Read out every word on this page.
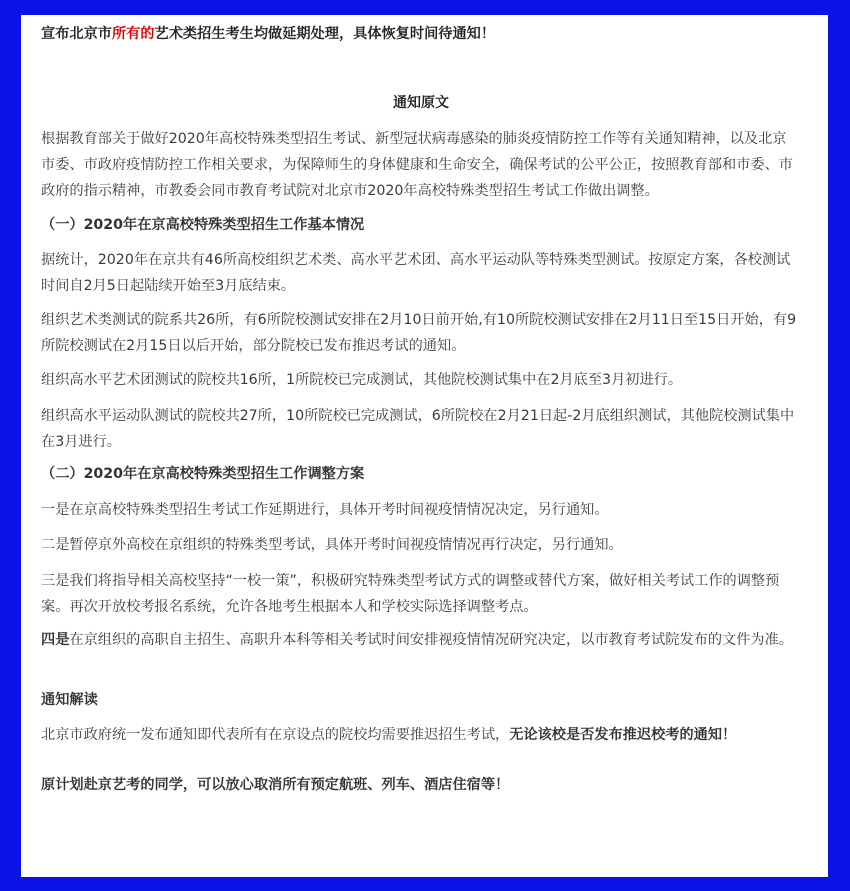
宣布北京市所有的艺术类招生考生均做延期处理，具体恢复时间待通知！
通知原文

根据教育部关于做好2020年高校特殊类型招生考试、新型冠状病毒感染的肺炎疫情防控工作等有关通知精神，以及北京市委、市政府疫情防控工作相关要求，为保障师生的身体健康和生命安全，确保考试的公平公正，按照教育部和市委、市政府的指示精神，市教委会同市教育考试院对北京市2020年高校特殊类型招生考试工作做出调整。

（一）2020年在京高校特殊类型招生工作基本情况

据统计，2020年在京共有46所高校组织艺术类、高水平艺术团、高水平运动队等特殊类型测试。按原定方案，各校测试时间自2月5日起陆续开始至3月底结束。

组织艺术类测试的院系共26所，有6所院校测试安排在2月10日前开始,有10所院校测试安排在2月11日至15日开始，有9所院校测试在2月15日以后开始，部分院校已发布推迟考试的通知。

组织高水平艺术团测试的院校共16所，1所院校已完成测试，其他院校测试集中在2月底至3月初进行。

组织高水平运动队测试的院校共27所，10所院校已完成测试，6所院校在2月21日起-2月底组织测试，其他院校测试集中在3月进行。

（二）2020年在京高校特殊类型招生工作调整方案

一是在京高校特殊类型招生考试工作延期进行，具体开考时间视疫情情况决定，另行通知。

二是暂停京外高校在京组织的特殊类型考试，具体开考时间视疫情情况再行决定，另行通知。

三是我们将指导相关高校坚持“一校一策”，积极研究特殊类型考试方式的调整或替代方案，做好相关考试工作的调整预案。再次开放校考报名系统，允许各地考生根据本人和学校实际选择调整考点。

四是在京组织的高职自主招生、高职升本科等相关考试时间安排视疫情情况研究决定，以市教育考试院发布的文件为准。

通知解读

北京市政府统一发布通知即代表所有在京设点的院校均需要推迟招生考试，无论该校是否发布推迟校考的通知！

原计划赴京艺考的同学，可以放心取消所有预定航班、列车、酒店住宿等！
